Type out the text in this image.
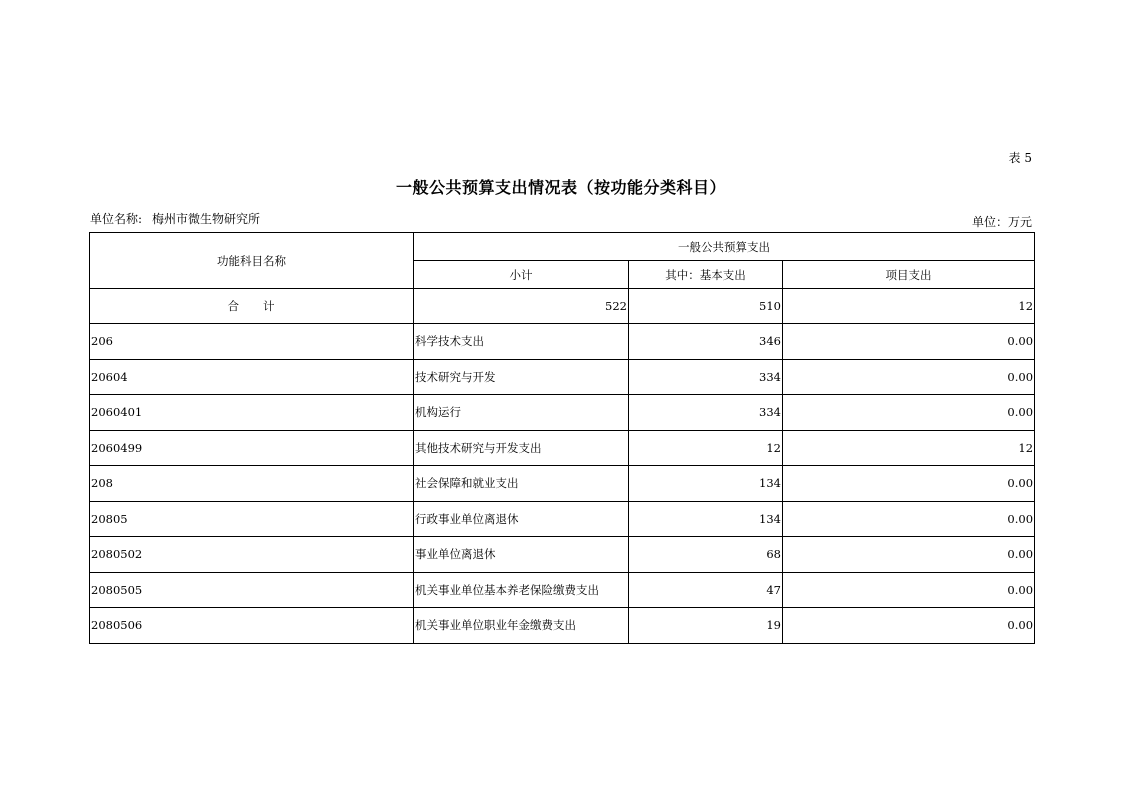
表 5
一般公共预算支出情况表（按功能分类科目）
单位名称: 梅州市微生物研究所	单位：万元
功能科目名称	一般公共预算支出		
	小计	其中：基本支出	项目支出
合计	522	510	12
206	科学技术支出	346	0.00
20604	技术研究与开发	334	0.00
2060401	机构运行	334	0.00
2060499	其他技术研究与开发支出	12	12
208	社会保障和就业支出	134	0.00
20805	行政事业单位离退休	134	0.00
2080502	事业单位离退休	68	0.00
2080505	机关事业单位基本养老保险缴费支出	47	0.00
2080506	机关事业单位职业年金缴费支出	19	0.00
